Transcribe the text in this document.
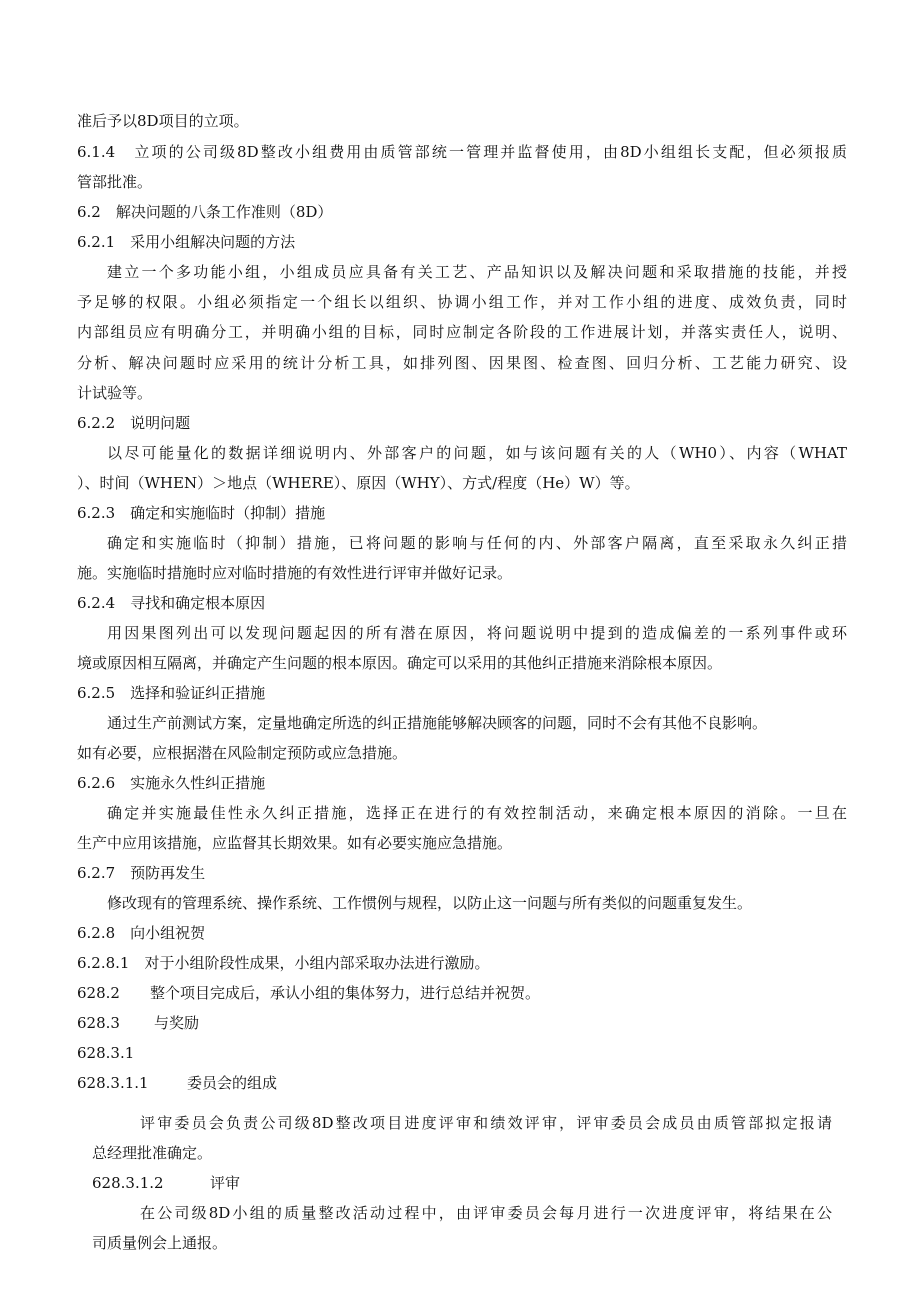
准后予以8D项目的立项。

6.1.4　立项的公司级8D整改小组费用由质管部统一管理并监督使用，由8D小组组长支配，但必须报质

管部批准。

6.2　解决问题的八条工作准则（8D）

6.2.1　采用小组解决问题的方法

建立一个多功能小组，小组成员应具备有关工艺、产品知识以及解决问题和采取措施的技能，并授

予足够的权限。小组必须指定一个组长以组织、协调小组工作，并对工作小组的进度、成效负责，同时

内部组员应有明确分工，并明确小组的目标，同时应制定各阶段的工作进展计划，并落实责任人，说明、

分析、解决问题时应采用的统计分析工具，如排列图、因果图、检查图、回归分析、工艺能力研究、设

计试验等。

6.2.2　说明问题

以尽可能量化的数据详细说明内、外部客户的问题，如与该问题有关的人（WH0）、内容（WHAT

）、时间（WHEN）＞地点（WHERE）、原因（WHY）、方式/程度（He）W）等。

6.2.3　确定和实施临时（抑制）措施

确定和实施临时（抑制）措施，已将问题的影响与任何的内、外部客户隔离，直至采取永久纠正措

施。实施临时措施时应对临时措施的有效性进行评审并做好记录。

6.2.4　寻找和确定根本原因

用因果图列出可以发现问题起因的所有潜在原因，将问题说明中提到的造成偏差的一系列事件或环

境或原因相互隔离，并确定产生问题的根本原因。确定可以采用的其他纠正措施来消除根本原因。

6.2.5　选择和验证纠正措施

通过生产前测试方案，定量地确定所选的纠正措施能够解决顾客的问题，同时不会有其他不良影响。

如有必要，应根据潜在风险制定预防或应急措施。

6.2.6　实施永久性纠正措施

确定并实施最佳性永久纠正措施，选择正在进行的有效控制活动，来确定根本原因的消除。一旦在

生产中应用该措施，应监督其长期效果。如有必要实施应急措施。

6.2.7　预防再发生

修改现有的管理系统、操作系统、工作惯例与规程，以防止这一问题与所有类似的问题重复发生。

6.2.8　向小组祝贺

6.2.8.1　对于小组阶段性成果，小组内部采取办法进行激励。

628.2　　整个项目完成后，承认小组的集体努力，进行总结并祝贺。

628.3 与奖励

628.3.1

628.3.1.1	委员会的组成

评审委员会负责公司级8D整改项目进度评审和绩效评审，评审委员会成员由质管部拟定报请

总经理批准确定。

628.3.1.2	评审

在公司级8D小组的质量整改活动过程中，由评审委员会每月进行一次进度评审，将结果在公

司质量例会上通报。
